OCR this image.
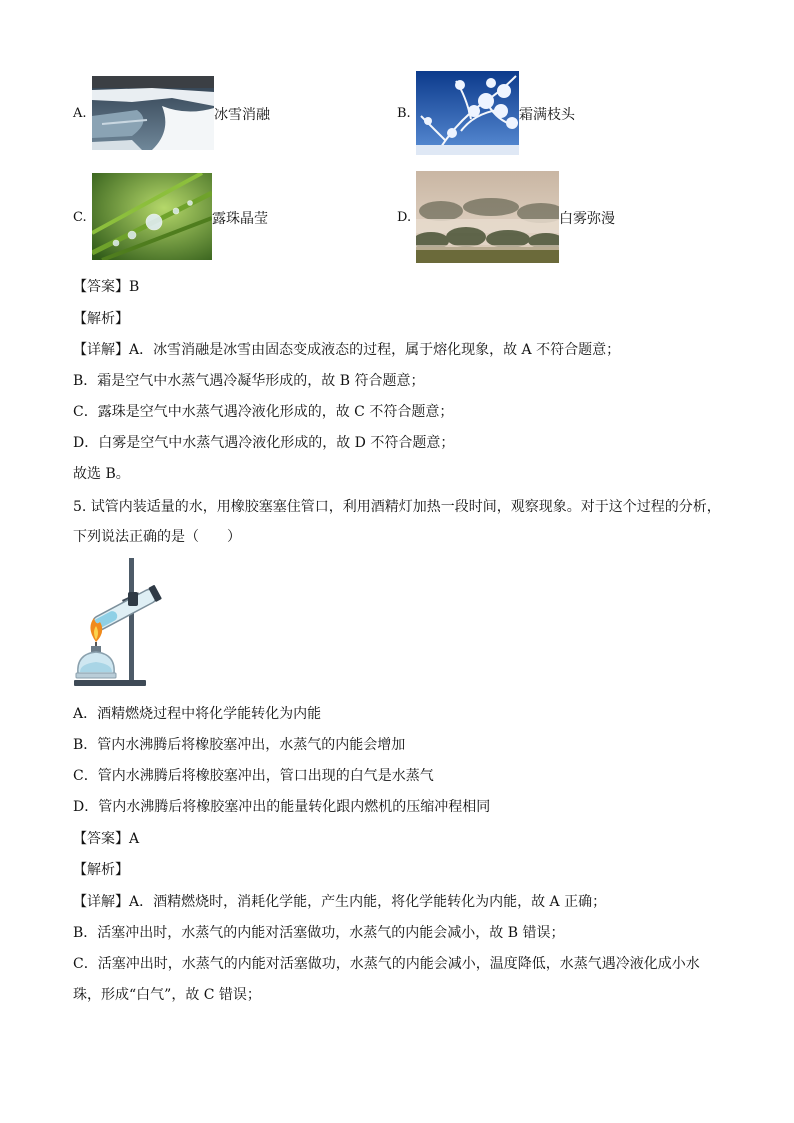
A.	冰雪消融	B.	霜满枝头
C.	露珠晶莹	D.	白雾弥漫
【答案】B
【解析】
【详解】A．冰雪消融是冰雪由固态变成液态的过程，属于熔化现象，故 A 不符合题意；
B．霜是空气中水蒸气遇冷凝华形成的，故 B 符合题意；
C．露珠是空气中水蒸气遇冷液化形成的，故 C 不符合题意；
D．白雾是空气中水蒸气遇冷液化形成的，故 D 不符合题意；
故选 B。
5. 试管内装适量的水，用橡胶塞塞住管口，利用酒精灯加热一段时间，观察现象。对于这个过程的分析，
下列说法正确的是（　　）
A．酒精燃烧过程中将化学能转化为内能
B．管内水沸腾后将橡胶塞冲出，水蒸气的内能会增加
C．管内水沸腾后将橡胶塞冲出，管口出现的白气是水蒸气
D．管内水沸腾后将橡胶塞冲出的能量转化跟内燃机的压缩冲程相同
【答案】A
【解析】
【详解】A．酒精燃烧时，消耗化学能，产生内能，将化学能转化为内能，故 A 正确；
B．活塞冲出时，水蒸气的内能对活塞做功，水蒸气的内能会减小，故 B 错误；
C．活塞冲出时，水蒸气的内能对活塞做功，水蒸气的内能会减小，温度降低，水蒸气遇冷液化成小水
珠，形成“白气”，故 C 错误；
